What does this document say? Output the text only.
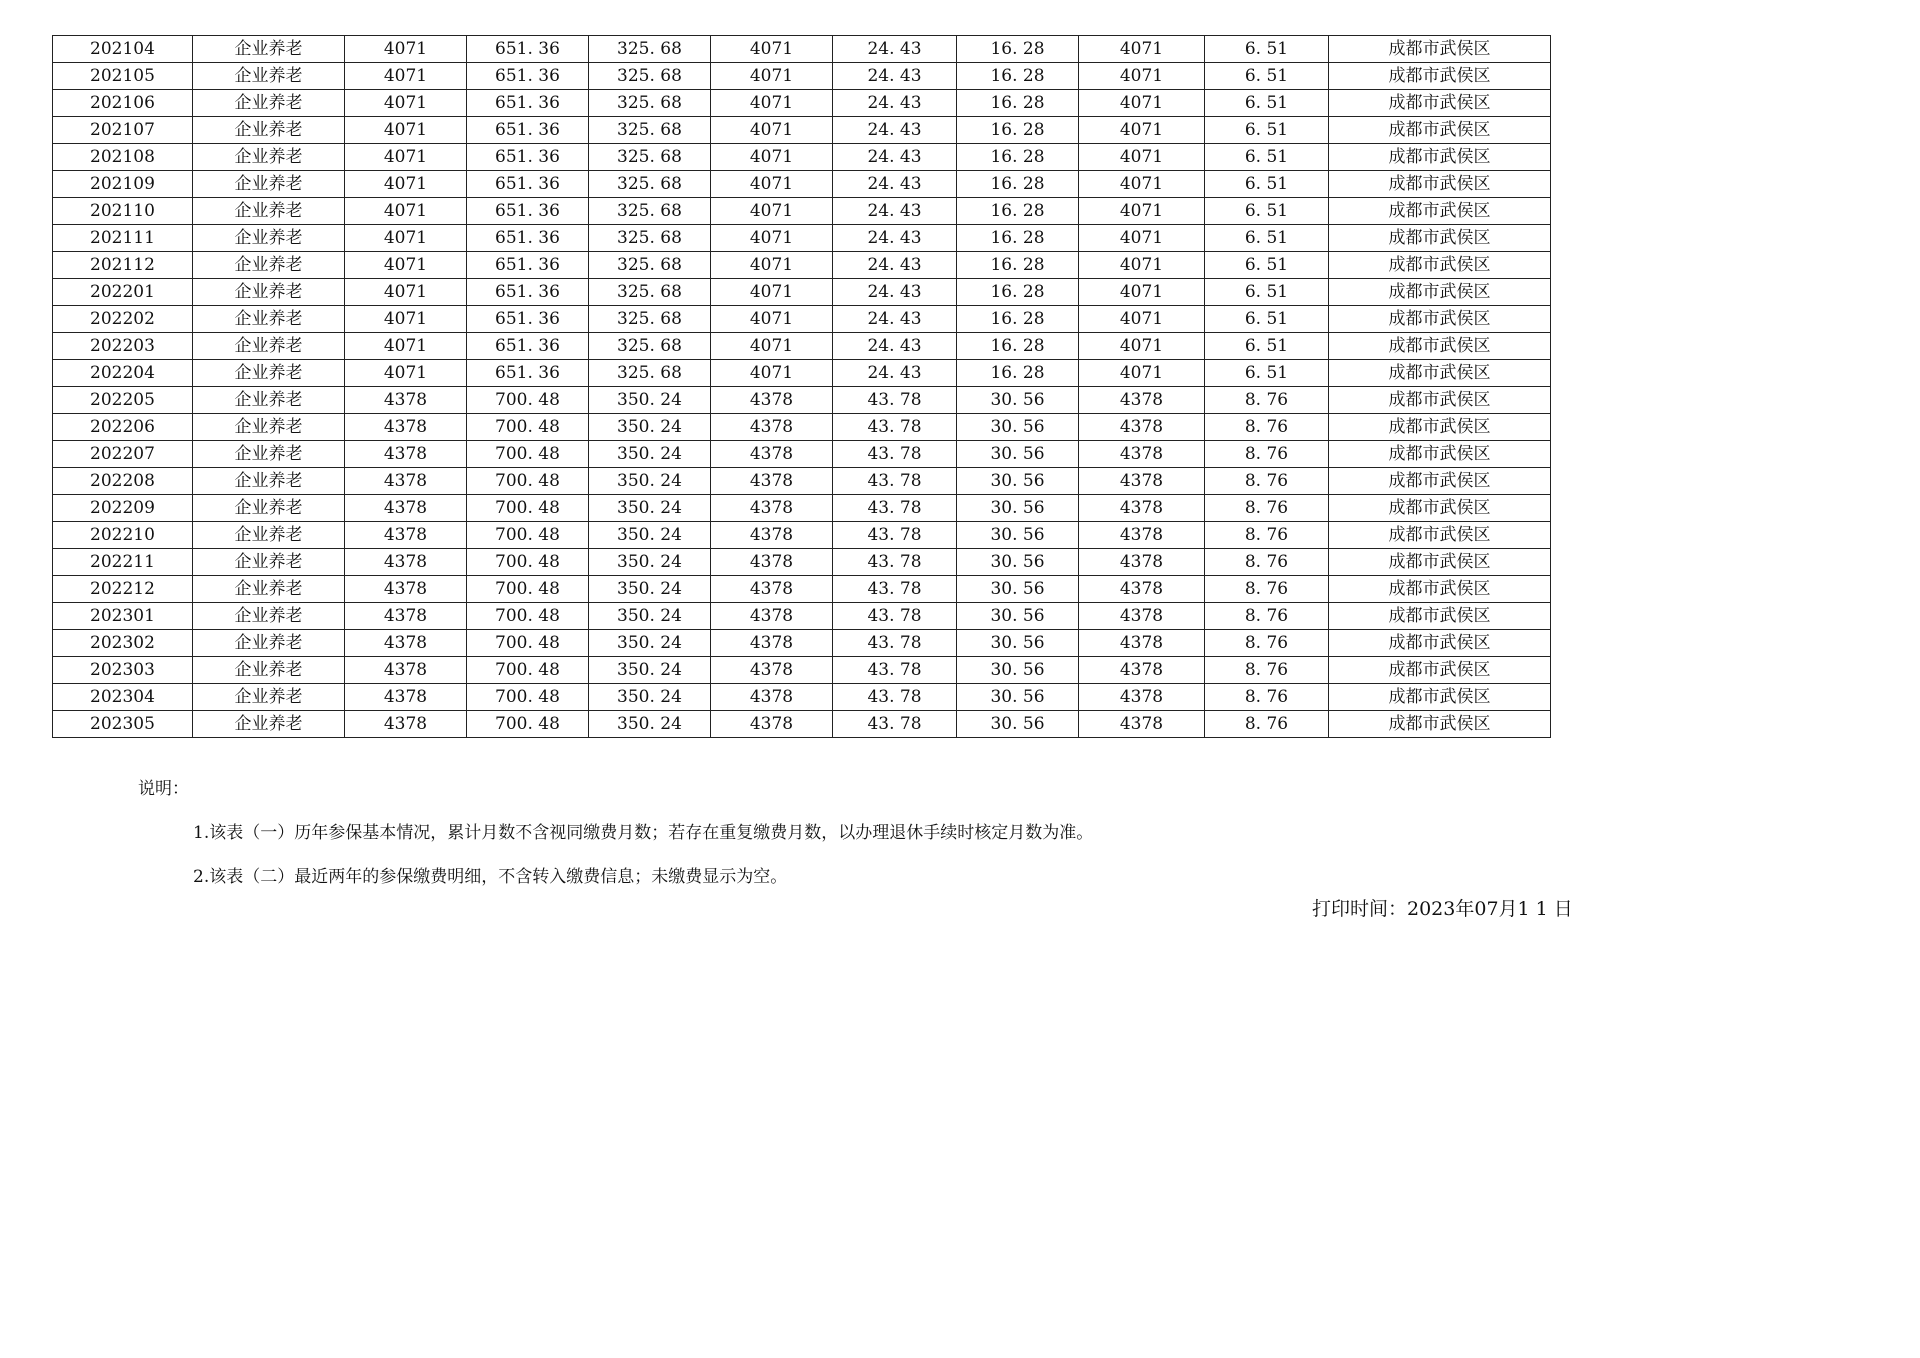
202104	企业养老	4071	651. 36	325. 68	4071	24. 43	16. 28	4071	6. 51	成都市武侯区
202105	企业养老	4071	651. 36	325. 68	4071	24. 43	16. 28	4071	6. 51	成都市武侯区
202106	企业养老	4071	651. 36	325. 68	4071	24. 43	16. 28	4071	6. 51	成都市武侯区
202107	企业养老	4071	651. 36	325. 68	4071	24. 43	16. 28	4071	6. 51	成都市武侯区
202108	企业养老	4071	651. 36	325. 68	4071	24. 43	16. 28	4071	6. 51	成都市武侯区
202109	企业养老	4071	651. 36	325. 68	4071	24. 43	16. 28	4071	6. 51	成都市武侯区
202110	企业养老	4071	651. 36	325. 68	4071	24. 43	16. 28	4071	6. 51	成都市武侯区
202111	企业养老	4071	651. 36	325. 68	4071	24. 43	16. 28	4071	6. 51	成都市武侯区
202112	企业养老	4071	651. 36	325. 68	4071	24. 43	16. 28	4071	6. 51	成都市武侯区
202201	企业养老	4071	651. 36	325. 68	4071	24. 43	16. 28	4071	6. 51	成都市武侯区
202202	企业养老	4071	651. 36	325. 68	4071	24. 43	16. 28	4071	6. 51	成都市武侯区
202203	企业养老	4071	651. 36	325. 68	4071	24. 43	16. 28	4071	6. 51	成都市武侯区
202204	企业养老	4071	651. 36	325. 68	4071	24. 43	16. 28	4071	6. 51	成都市武侯区
202205	企业养老	4378	700. 48	350. 24	4378	43. 78	30. 56	4378	8. 76	成都市武侯区
202206	企业养老	4378	700. 48	350. 24	4378	43. 78	30. 56	4378	8. 76	成都市武侯区
202207	企业养老	4378	700. 48	350. 24	4378	43. 78	30. 56	4378	8. 76	成都市武侯区
202208	企业养老	4378	700. 48	350. 24	4378	43. 78	30. 56	4378	8. 76	成都市武侯区
202209	企业养老	4378	700. 48	350. 24	4378	43. 78	30. 56	4378	8. 76	成都市武侯区
202210	企业养老	4378	700. 48	350. 24	4378	43. 78	30. 56	4378	8. 76	成都市武侯区
202211	企业养老	4378	700. 48	350. 24	4378	43. 78	30. 56	4378	8. 76	成都市武侯区
202212	企业养老	4378	700. 48	350. 24	4378	43. 78	30. 56	4378	8. 76	成都市武侯区
202301	企业养老	4378	700. 48	350. 24	4378	43. 78	30. 56	4378	8. 76	成都市武侯区
202302	企业养老	4378	700. 48	350. 24	4378	43. 78	30. 56	4378	8. 76	成都市武侯区
202303	企业养老	4378	700. 48	350. 24	4378	43. 78	30. 56	4378	8. 76	成都市武侯区
202304	企业养老	4378	700. 48	350. 24	4378	43. 78	30. 56	4378	8. 76	成都市武侯区
202305	企业养老	4378	700. 48	350. 24	4378	43. 78	30. 56	4378	8. 76	成都市武侯区
说明：
1.该表（一）历年参保基本情况，累计月数不含视同缴费月数；若存在重复缴费月数，以办理退休手续时核定月数为准。
2.该表（二）最近两年的参保缴费明细，不含转入缴费信息；未缴费显示为空。
打印时间：2023年07月1 1 日
